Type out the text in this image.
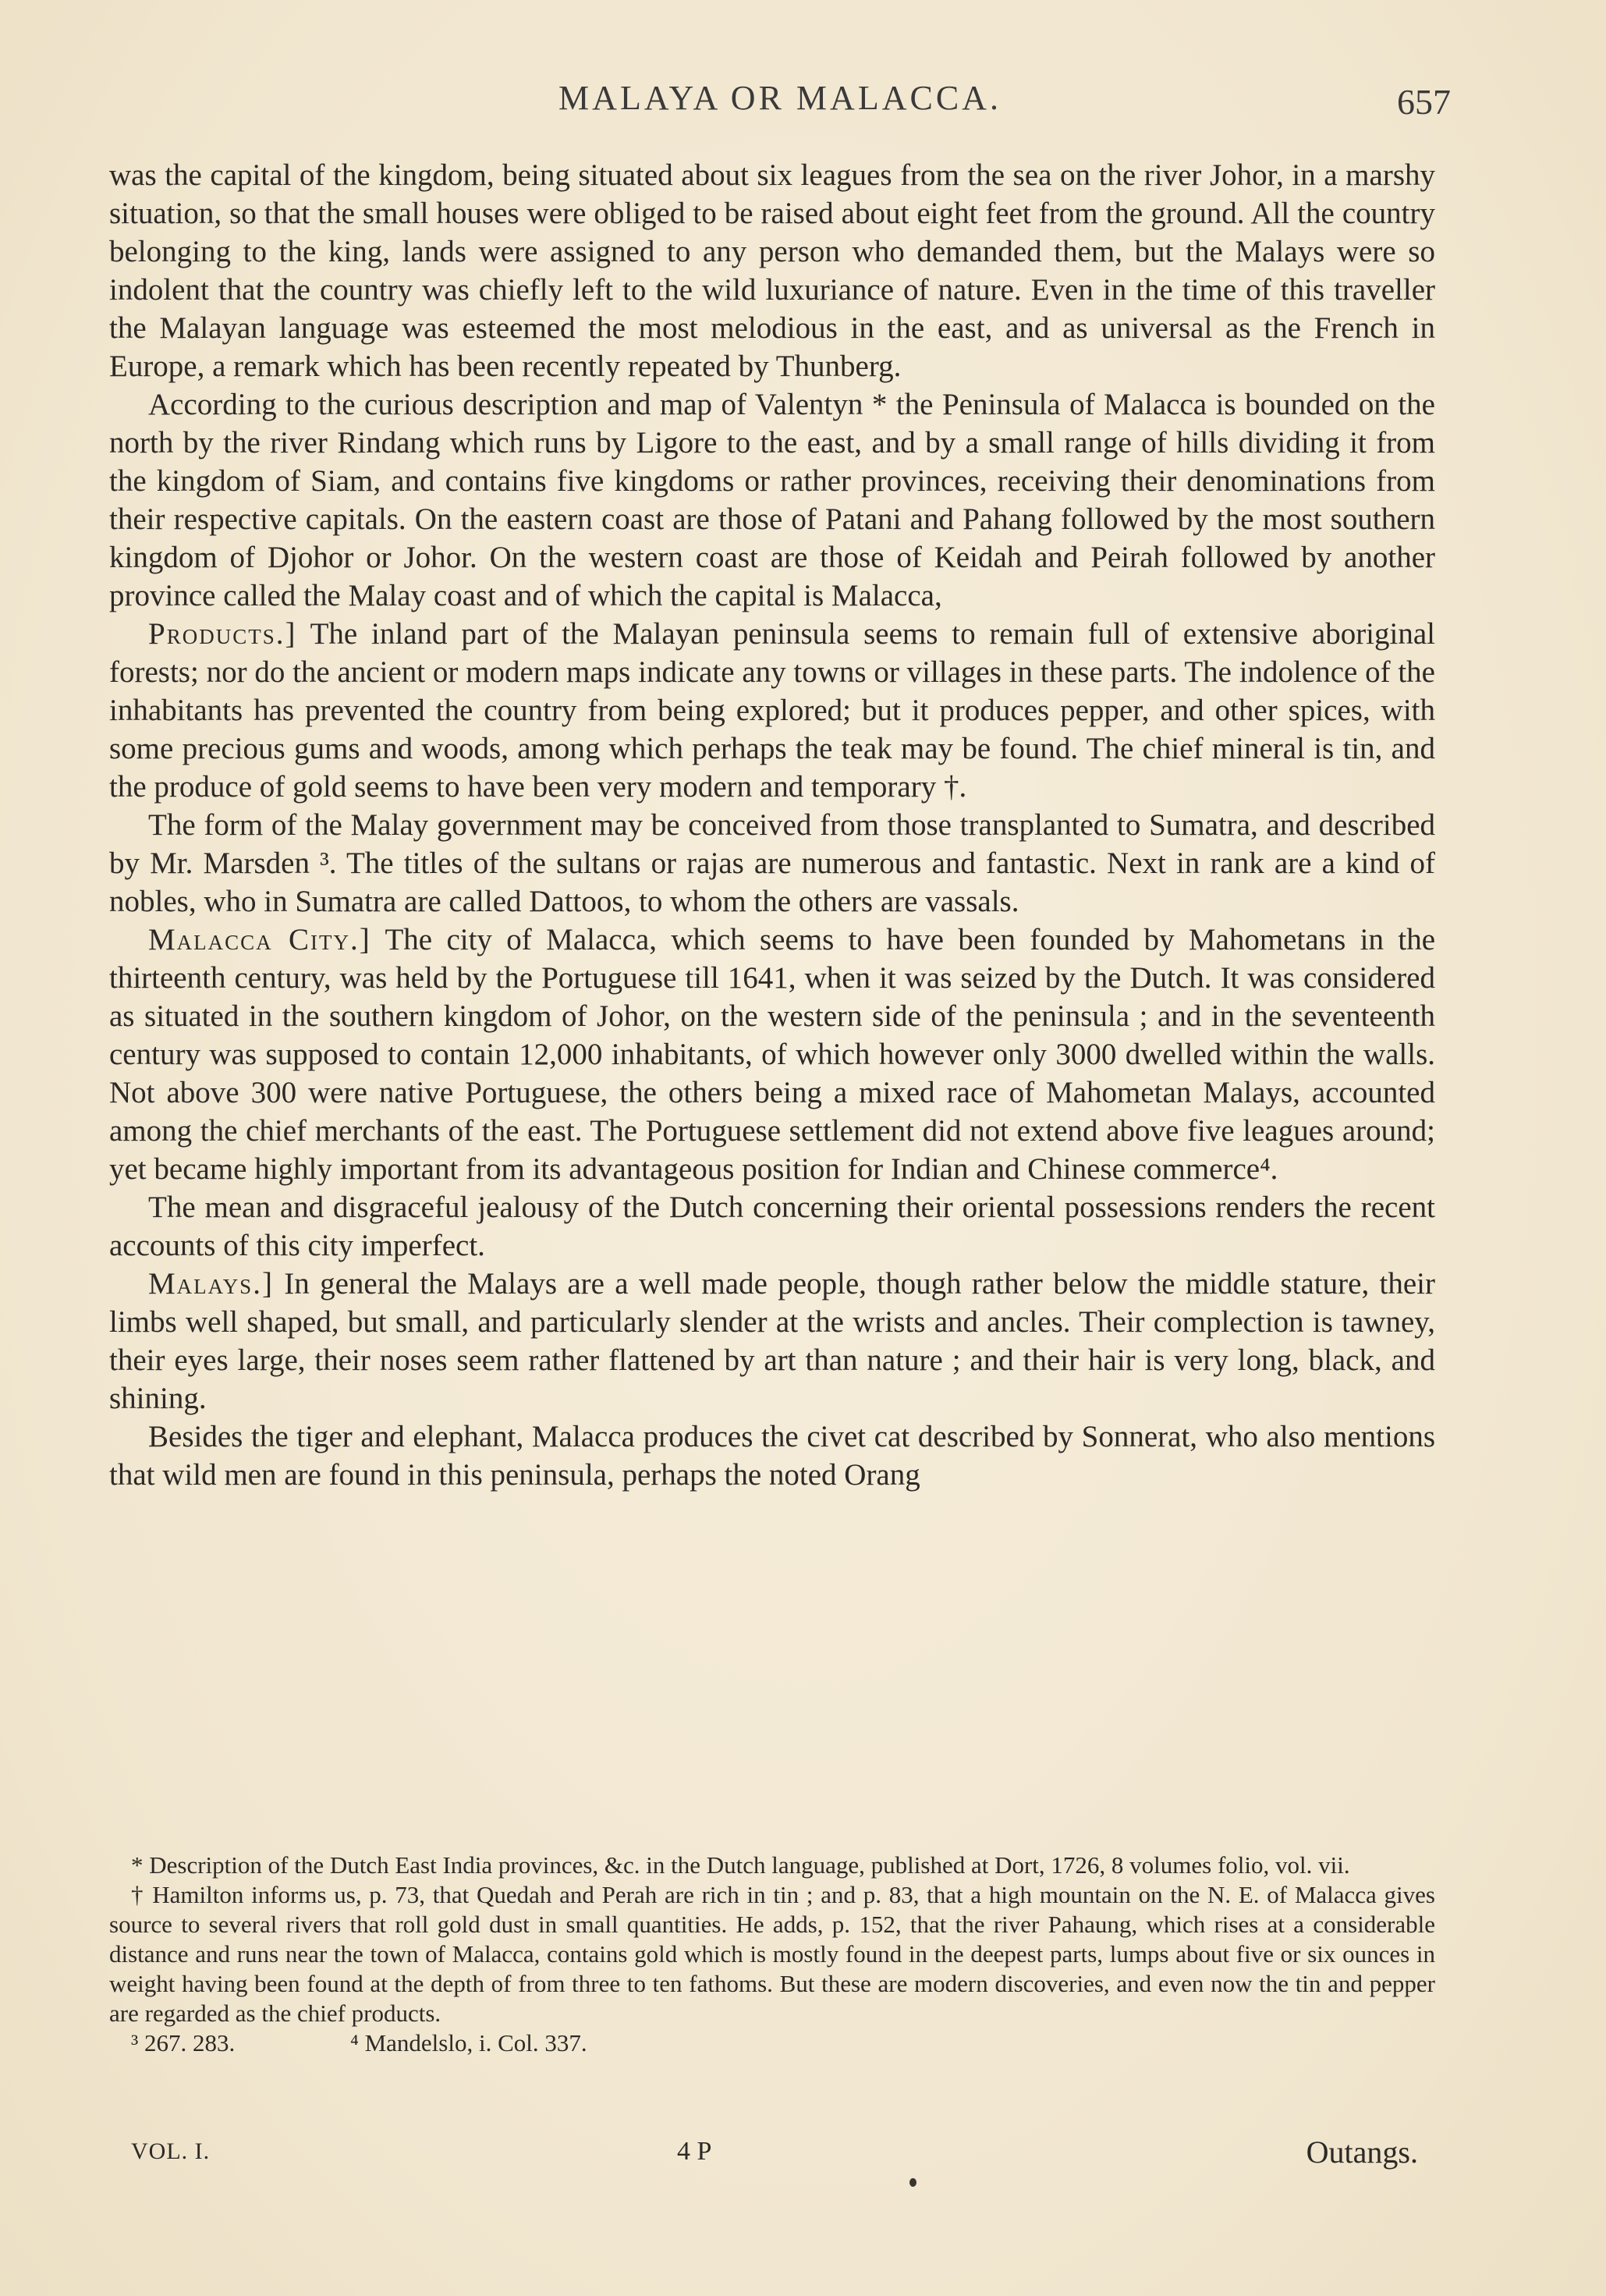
MALAYA OR MALACCA.	657

was the capital of the kingdom, being situated about six leagues from the sea on the river Johor, in a marshy situation, so that the small houses were obliged to be raised about eight feet from the ground. All the country belonging to the king, lands were assigned to any person who demanded them, but the Malays were so indolent that the country was chiefly left to the wild luxuriance of nature. Even in the time of this traveller the Malayan language was esteemed the most melodious in the east, and as universal as the French in Europe, a remark which has been recently repeated by Thunberg.

According to the curious description and map of Valentyn * the Peninsula of Malacca is bounded on the north by the river Rindang which runs by Ligore to the east, and by a small range of hills dividing it from the kingdom of Siam, and contains five kingdoms or rather provinces, receiving their denominations from their respective capitals. On the eastern coast are those of Patani and Pahang followed by the most southern kingdom of Djohor or Johor. On the western coast are those of Keidah and Peirah followed by another province called the Malay coast and of which the capital is Malacca,

Products.] The inland part of the Malayan peninsula seems to remain full of extensive aboriginal forests; nor do the ancient or modern maps indicate any towns or villages in these parts. The indolence of the inhabitants has prevented the country from being explored; but it produces pepper, and other spices, with some precious gums and woods, among which perhaps the teak may be found. The chief mineral is tin, and the produce of gold seems to have been very modern and temporary †.

The form of the Malay government may be conceived from those transplanted to Sumatra, and described by Mr. Marsden ³. The titles of the sultans or rajas are numerous and fantastic. Next in rank are a kind of nobles, who in Sumatra are called Dattoos, to whom the others are vassals.

Malacca City.] The city of Malacca, which seems to have been founded by Mahometans in the thirteenth century, was held by the Portuguese till 1641, when it was seized by the Dutch. It was considered as situated in the southern kingdom of Johor, on the western side of the peninsula ; and in the seventeenth century was supposed to contain 12,000 inhabitants, of which however only 3000 dwelled within the walls. Not above 300 were native Portuguese, the others being a mixed race of Mahometan Malays, accounted among the chief merchants of the east. The Portuguese settlement did not extend above five leagues around; yet became highly important from its advantageous position for Indian and Chinese commerce⁴.

The mean and disgraceful jealousy of the Dutch concerning their oriental possessions renders the recent accounts of this city imperfect.

Malays.] In general the Malays are a well made people, though rather below the middle stature, their limbs well shaped, but small, and particularly slender at the wrists and ancles. Their complection is tawney, their eyes large, their noses seem rather flattened by art than nature ; and their hair is very long, black, and shining.

Besides the tiger and elephant, Malacca produces the civet cat described by Sonnerat, who also mentions that wild men are found in this peninsula, perhaps the noted Orang

* Description of the Dutch East India provinces, &c. in the Dutch language, published at Dort, 1726, 8 volumes folio, vol. vii.

† Hamilton informs us, p. 73, that Quedah and Perah are rich in tin ; and p. 83, that a high mountain on the N. E. of Malacca gives source to several rivers that roll gold dust in small quantities. He adds, p. 152, that the river Pahaung, which rises at a considerable distance and runs near the town of Malacca, contains gold which is mostly found in the deepest parts, lumps about five or six ounces in weight having been found at the depth of from three to ten fathoms. But these are modern discoveries, and even now the tin and pepper are regarded as the chief products.

³ 267. 283.	⁴ Mandelslo, i. Col. 337.

VOL. I.	4 P	Outangs.
